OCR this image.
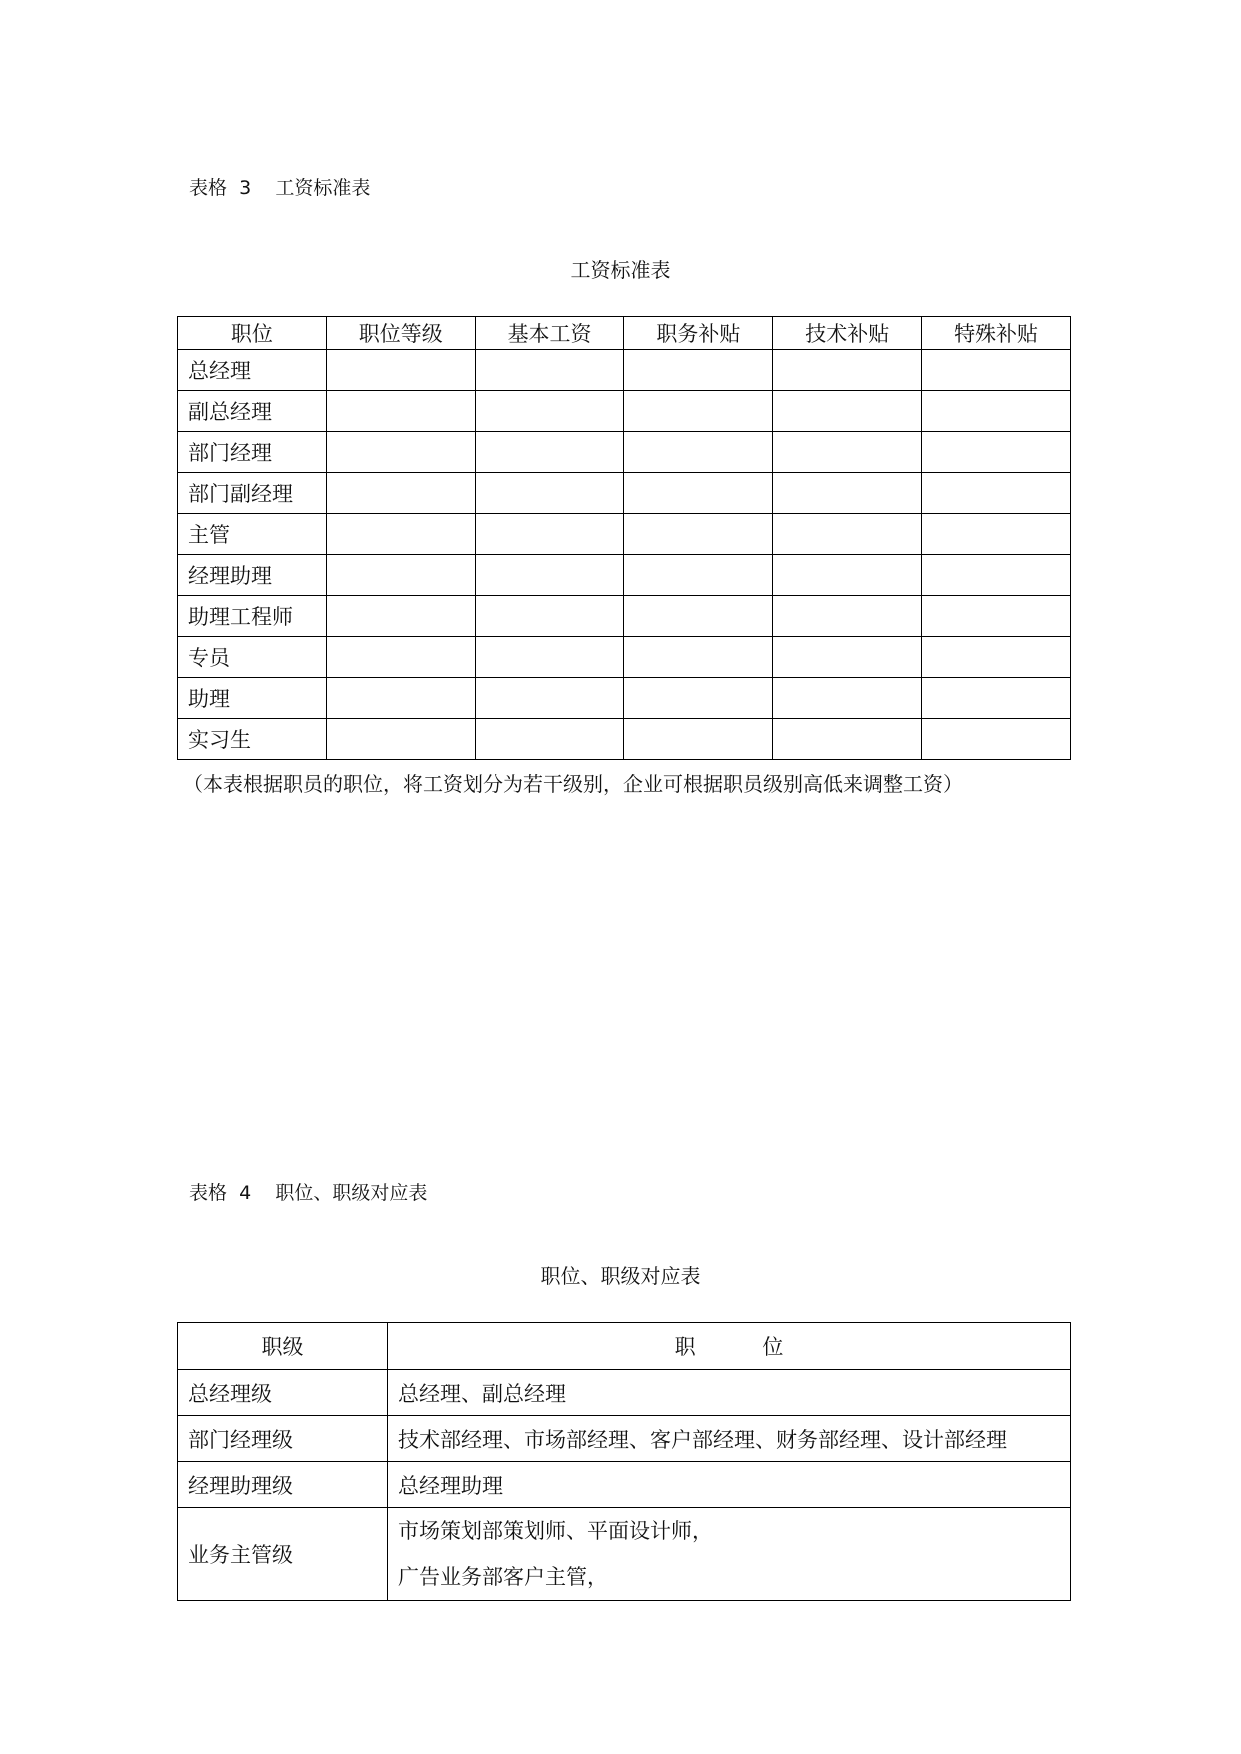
表格  3    工资标准表
工资标准表
职位	职位等级	基本工资	职务补贴	技术补贴	特殊补贴
总经理					
副总经理					
部门经理					
部门副经理					
主管					
经理助理					
助理工程师					
专员					
助理					
实习生					
（本表根据职员的职位，将工资划分为若干级别，企业可根据职员级别高低来调整工资）
表格  4    职位、职级对应表
职位、职级对应表
职级	职          位
总经理级	总经理、副总经理
部门经理级	技术部经理、市场部经理、客户部经理、财务部经理、设计部经理
经理助理级	总经理助理
业务主管级	市场策划部策划师、平面设计师，
广告业务部客户主管，
